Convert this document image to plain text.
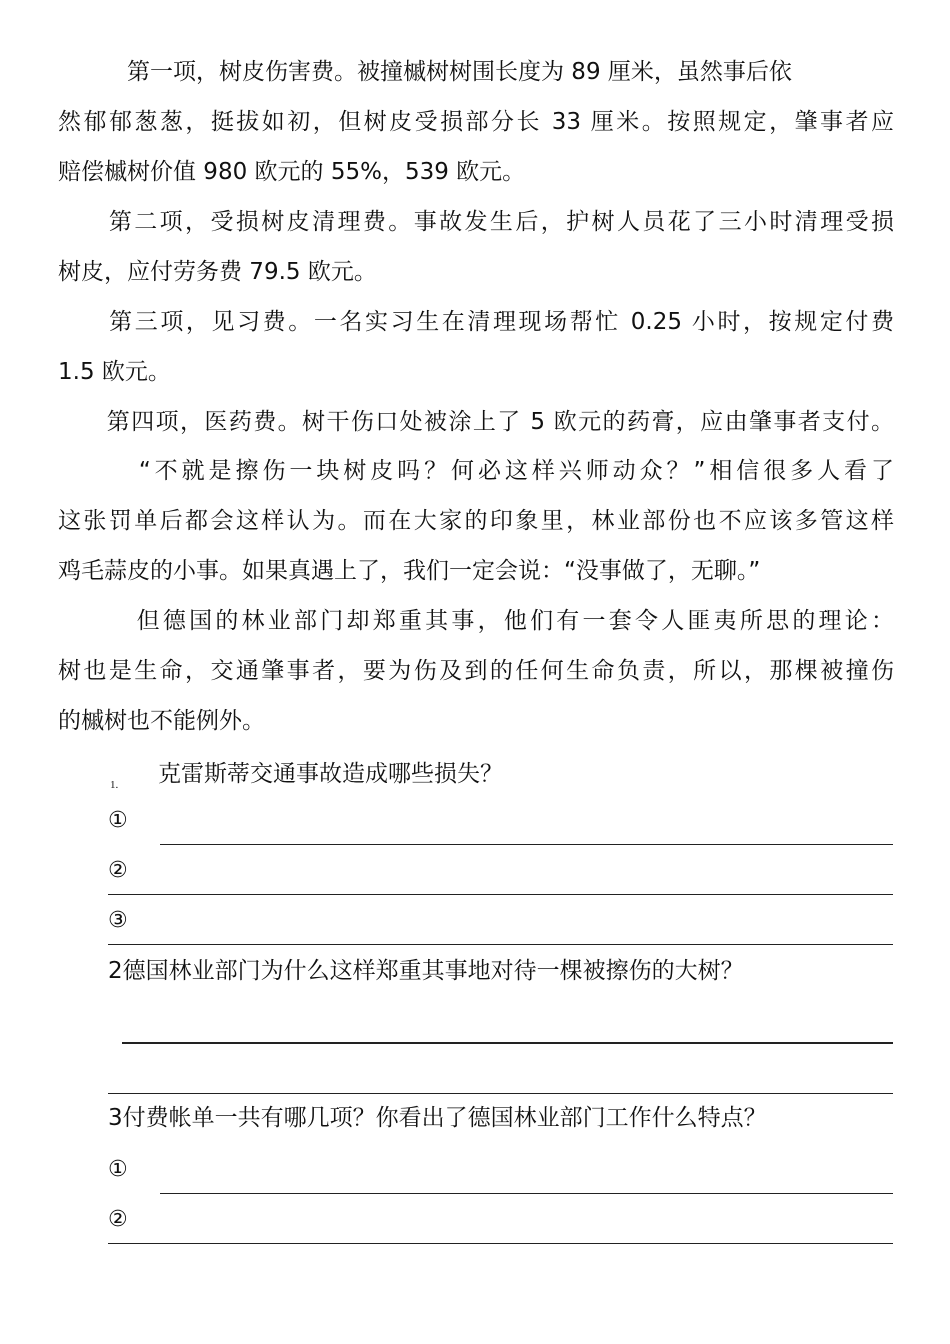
　　　第一项，树皮伤害费。被撞槭树树围长度为 89 厘米，虽然事后依
然郁郁葱葱，挺拔如初，但树皮受损部分长 33 厘米。按照规定，肇事者应
赔偿槭树价值 980 欧元的 55%，539 欧元。
　　第二项，受损树皮清理费。事故发生后，护树人员花了三小时清理受损
树皮，应付劳务费 79.5 欧元。
　　第三项，见习费。一名实习生在清理现场帮忙 0.25 小时，按规定付费
1.5 欧元。
　　第四项，医药费。树干伤口处被涂上了 5 欧元的药膏，应由肇事者支付。
　　　“不就是擦伤一块树皮吗？何必这样兴师动众？”相信很多人看了
这张罚单后都会这样认为。而在大家的印象里，林业部份也不应该多管这样
鸡毛蒜皮的小事。如果真遇上了，我们一定会说：“没事做了，无聊。”
　　　但德国的林业部门却郑重其事，他们有一套令人匪夷所思的理论：
树也是生命，交通肇事者，要为伤及到的任何生命负责，所以，那棵被撞伤
的槭树也不能例外。
1. 克雷斯蒂交通事故造成哪些损失？
①
②
③
2德国林业部门为什么这样郑重其事地对待一棵被擦伤的大树？
3付费帐单一共有哪几项？你看出了德国林业部门工作什么特点？
①
②
